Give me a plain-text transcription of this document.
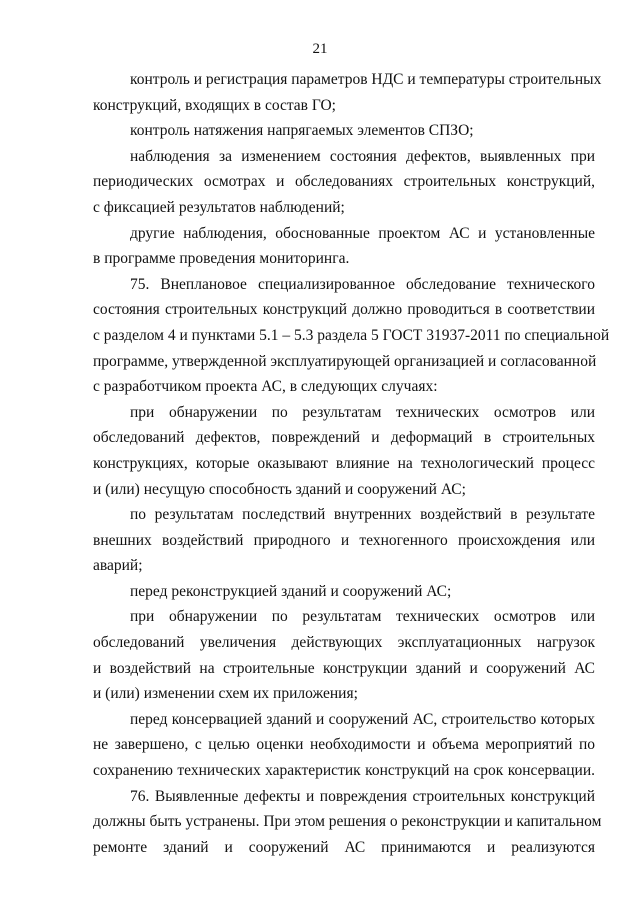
21
контроль и регистрация параметров НДС и температуры строительных
конструкций, входящих в состав ГО;
контроль натяжения напрягаемых элементов СПЗО;
наблюдения за изменением состояния дефектов, выявленных при
периодических осмотрах и обследованиях строительных конструкций,
с фиксацией результатов наблюдений;
другие наблюдения, обоснованные проектом АС и установленные
в программе проведения мониторинга.
75. Внеплановое специализированное обследование технического
состояния строительных конструкций должно проводиться в соответствии
с разделом 4 и пунктами 5.1 – 5.3 раздела 5 ГОСТ 31937-2011 по специальной
программе, утвержденной эксплуатирующей организацией и согласованной
с разработчиком проекта АС, в следующих случаях:
при обнаружении по результатам технических осмотров или
обследований дефектов, повреждений и деформаций в строительных
конструкциях, которые оказывают влияние на технологический процесс
и (или) несущую способность зданий и сооружений АС;
по результатам последствий внутренних воздействий в результате
внешних воздействий природного и техногенного происхождения или
аварий;
перед реконструкцией зданий и сооружений АС;
при обнаружении по результатам технических осмотров или
обследований увеличения действующих эксплуатационных нагрузок
и воздействий на строительные конструкции зданий и сооружений АС
и (или) изменении схем их приложения;
перед консервацией зданий и сооружений АС, строительство которых
не завершено, с целью оценки необходимости и объема мероприятий по
сохранению технических характеристик конструкций на срок консервации.
76. Выявленные дефекты и повреждения строительных конструкций
должны быть устранены. При этом решения о реконструкции и капитальном
ремонте зданий и сооружений АС принимаются и реализуются
